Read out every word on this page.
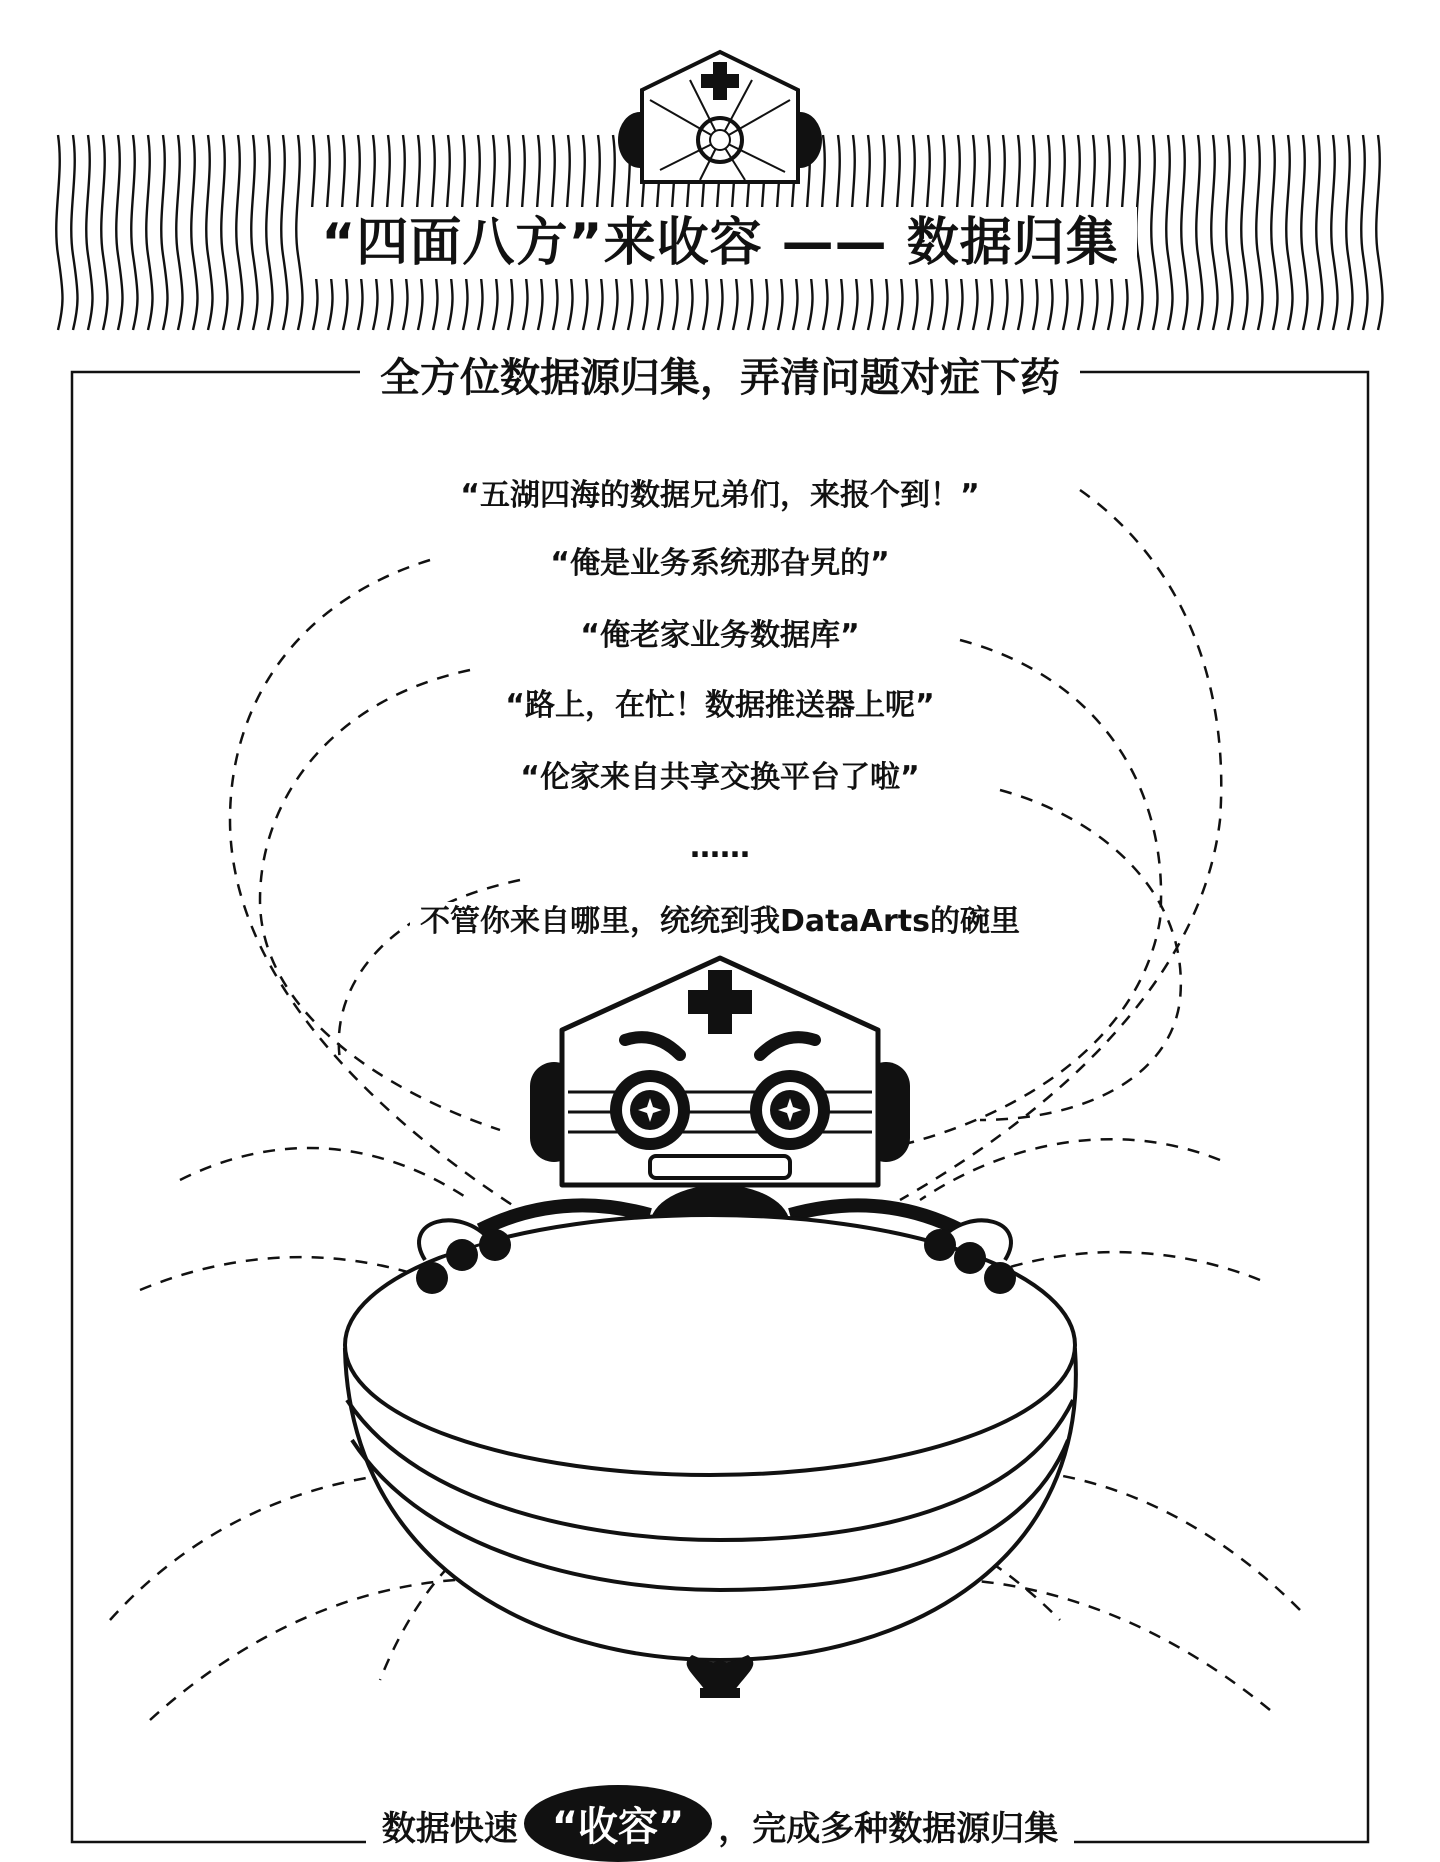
“四面八方”来收容 —— 数据归集
全方位数据源归集，弄清问题对症下药
“五湖四海的数据兄弟们，来报个到！”
“俺是业务系统那旮旯的”
“俺老家业务数据库”
“路上，在忙！数据推送器上呢”
“伦家来自共享交换平台了啦”
……
不管你来自哪里，统统到我DataArts的碗里
数据快速 “收容” ，完成多种数据源归集
